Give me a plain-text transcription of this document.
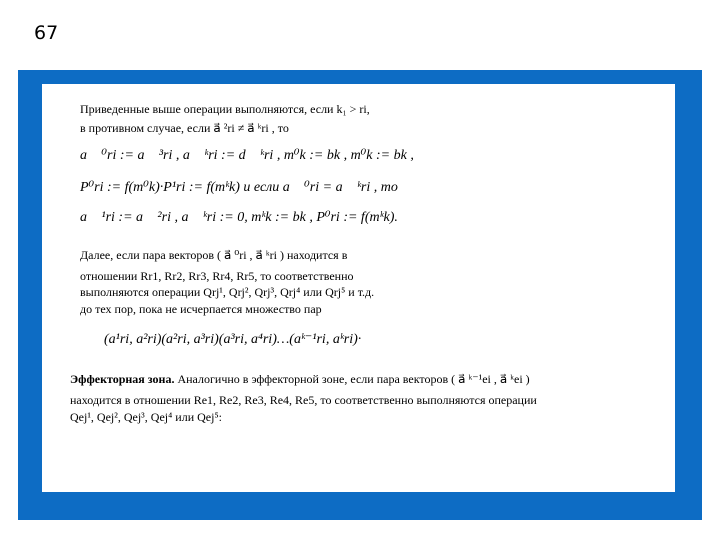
67
Приведенные выше операции выполняются, если k₁ > ri,
в противном случае, если a⃗ ²ri ≠ a⃗ ᵏri , то
a⃗ ⁰ri := a⃗ ³ri , a⃗ ᵏri := d⃗ ᵏri , m⁰k := bk , m⁰k := bk ,
P⁰ri := f(m⁰k)·P¹ri := f(mᵏk) и если a⃗ ⁰ri = a⃗ ᵏri , то
a⃗ ¹ri := a⃗ ²ri , a⃗ ᵏri := 0, mᵏk := bk , P⁰ri := f(mᵏk).
Далее, если пара векторов ( a⃗ ⁰ri , a⃗ ᵏri ) находится в
отношении Rr1, Rr2, Rr3, Rr4, Rr5, то соответственно
выполняются операции Qrj¹, Qrj², Qrj³, Qrj⁴ или Qrj⁵ и т.д.
до тех пор, пока не исчерпается множество пар
(a¹ri, a²ri)(a²ri, a³ri)(a³ri, a⁴ri)…(aᵏ⁻¹ri, aᵏri)·
Эффекторная зона. Аналогично в эффекторной зоне, если пара векторов ( a⃗ ᵏ⁻¹ei , a⃗ ᵏei )
находится в отношении Re1, Re2, Re3, Re4, Re5, то соответственно выполняются операции
Qej¹, Qej², Qej³, Qej⁴ или Qej⁵:
